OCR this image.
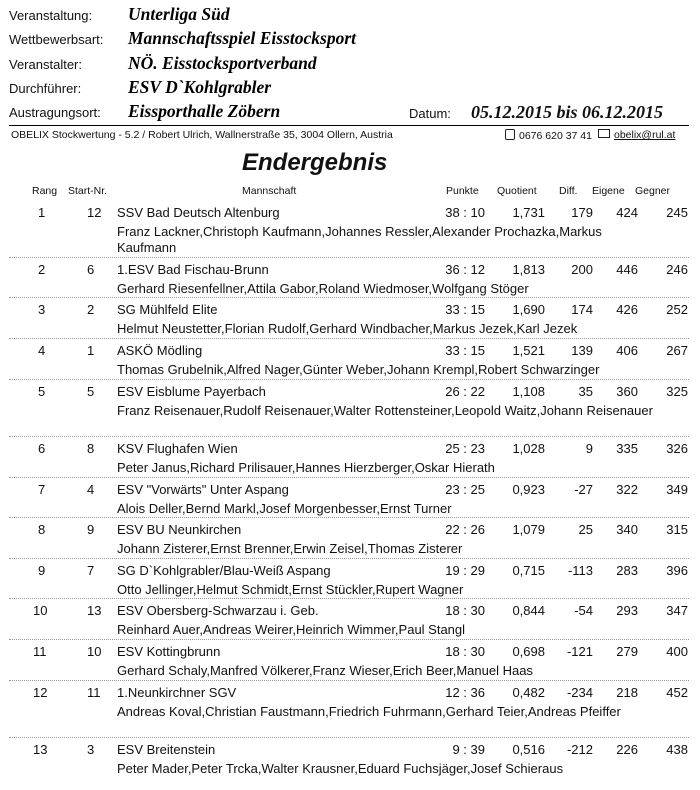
Veranstaltung: Unterliga Süd
Wettbewerbsart: Mannschaftsspiel Eisstocksport
Veranstalter:	NÖ. Eisstocksportverband
Durchführer:	ESV D`Kohlgrabler
Austragungsort: Eissporthalle Zöbern	Datum: 05.12.2015 bis 06.12.2015
OBELIX Stockwertung - 5.2 / Robert Ulrich, Wallnerstraße 35, 3004 Ollern, Austria	0676 620 37 41	obelix@rul.at
Endergebnis
Rang Start-Nr.	Mannschaft	Punkte Quotient Diff. Eigene Gegner
1	12 SSV Bad Deutsch Altenburg	38 : 10 1,731 179 424 245
Franz Lackner,Christoph Kaufmann,Johannes Ressler,Alexander Prochazka,Markus Kaufmann
2	6 1.ESV Bad Fischau-Brunn	36 : 12 1,813 200 446 246
Gerhard Riesenfellner,Attila Gabor,Roland Wiedmoser,Wolfgang Stöger
3	2 SG Mühlfeld Elite	33 : 15 1,690 174 426 252
Helmut Neustetter,Florian Rudolf,Gerhard Windbacher,Markus Jezek,Karl Jezek
4	1 ASKÖ Mödling	33 : 15 1,521 139 406 267
Thomas Grubelnik,Alfred Nager,Günter Weber,Johann Krempl,Robert Schwarzinger
5	5 ESV Eisblume Payerbach	26 : 22 1,108	35 360 325
Franz Reisenauer,Rudolf Reisenauer,Walter Rottensteiner,Leopold Waitz,Johann Reisenauer
6	8 KSV Flughafen Wien	25 : 23 1,028	9 335 326
Peter Janus,Richard Prilisauer,Hannes Hierzberger,Oskar Hierath
7	4 ESV "Vorwärts" Unter Aspang	23 : 25 0,923 -27 322 349
Alois Deller,Bernd Markl,Josef Morgenbesser,Ernst Turner
8	9 ESV BU Neunkirchen	22 : 26 1,079	25 340 315
Johann Zisterer,Ernst Brenner,Erwin Zeisel,Thomas Zisterer
9	7 SG D`Kohlgrabler/Blau-Weiß Aspang	19 : 29 0,715 -113 283 396
Otto Jellinger,Helmut Schmidt,Ernst Stückler,Rupert Wagner
10	13 ESV Obersberg-Schwarzau i. Geb.	18 : 30 0,844 -54 293 347
Reinhard Auer,Andreas Weirer,Heinrich Wimmer,Paul Stangl
11	10 ESV Kottingbrunn	18 : 30 0,698 -121 279 400
Gerhard Schaly,Manfred Völkerer,Franz Wieser,Erich Beer,Manuel Haas
12	11 1.Neunkirchner SGV	12 : 36 0,482 -234 218 452
Andreas Koval,Christian Faustmann,Friedrich Fuhrmann,Gerhard Teier,Andreas Pfeiffer
13	3 ESV Breitenstein	9 : 39 0,516 -212 226 438
Peter Mader,Peter Trcka,Walter Krausner,Eduard Fuchsjäger,Josef Schieraus
